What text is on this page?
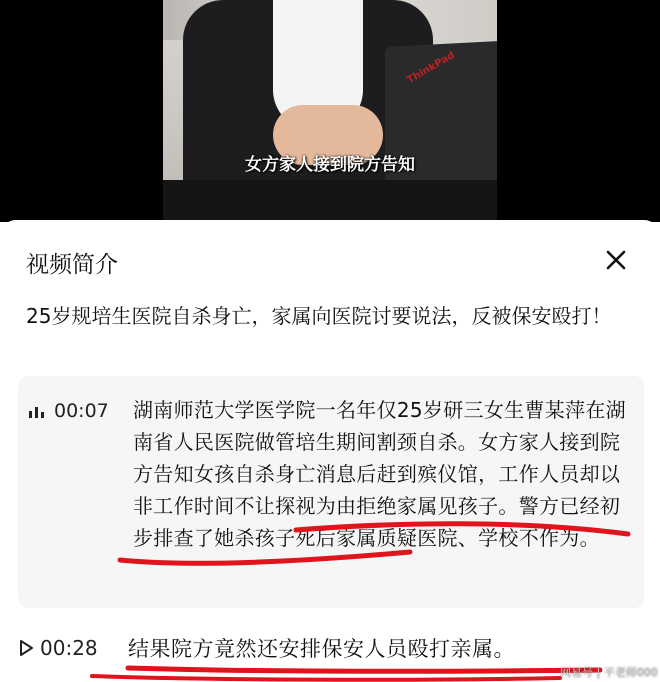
ThinkPad
女方家人接到院方告知
视频简介
25岁规培生医院自杀身亡，家属向医院讨要说法，反被保安殴打！
00:07 湖南师范大学医学院一名年仅25岁研三女生曹某萍在湖南省人民医院做管培生期间割颈自杀。女方家人接到院方告知女孩自杀身亡消息后赶到殡仪馆，工作人员却以非工作时间不让探视为由拒绝家属见孩子。警方已经初步排查了她杀孩子死后家属质疑医院、学校不作为。
00:28 结果院方竟然还安排保安人员殴打亲属。
网易号 | 平老师000
